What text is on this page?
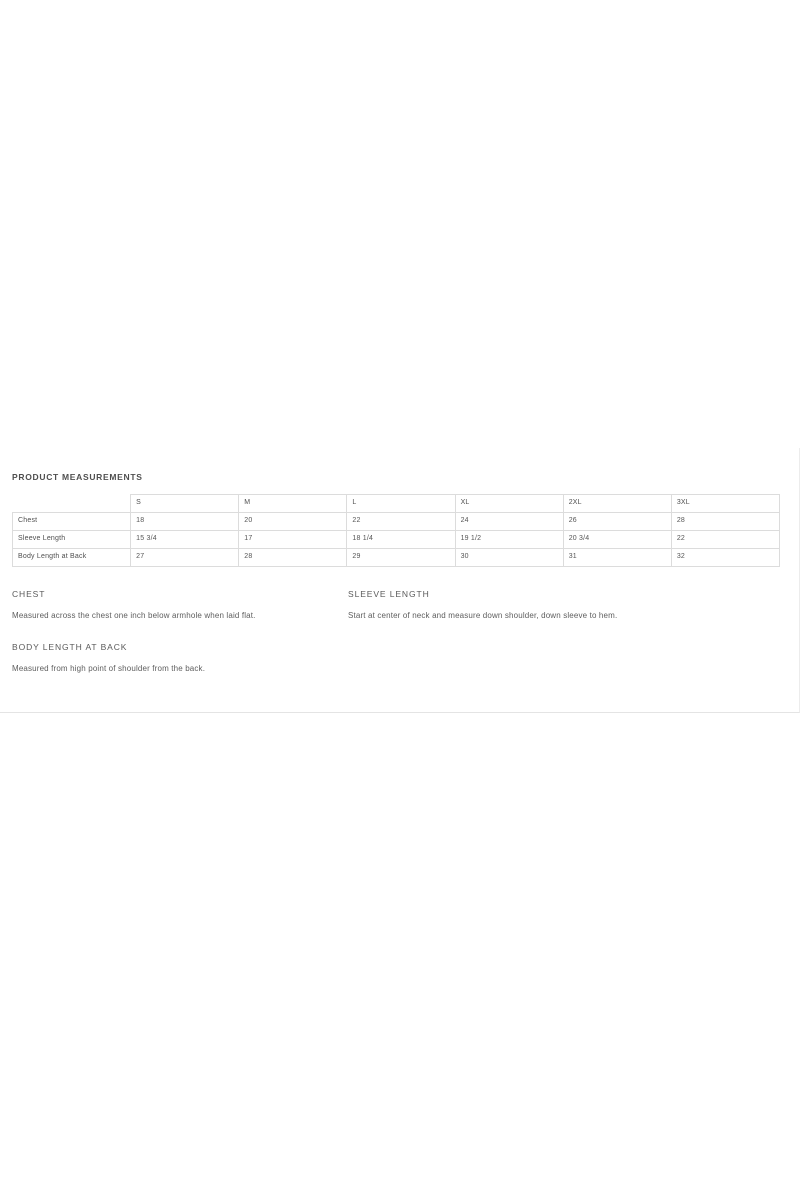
PRODUCT MEASUREMENTS
	S	M	L	XL	2XL	3XL
Chest	18	20	22	24	26	28
Sleeve Length	15 3/4	17	18 1/4	19 1/2	20 3/4	22
Body Length at Back	27	28	29	30	31	32
CHEST
Measured across the chest one inch below armhole when laid flat.
SLEEVE LENGTH
Start at center of neck and measure down shoulder, down sleeve to hem.
BODY LENGTH AT BACK
Measured from high point of shoulder from the back.
